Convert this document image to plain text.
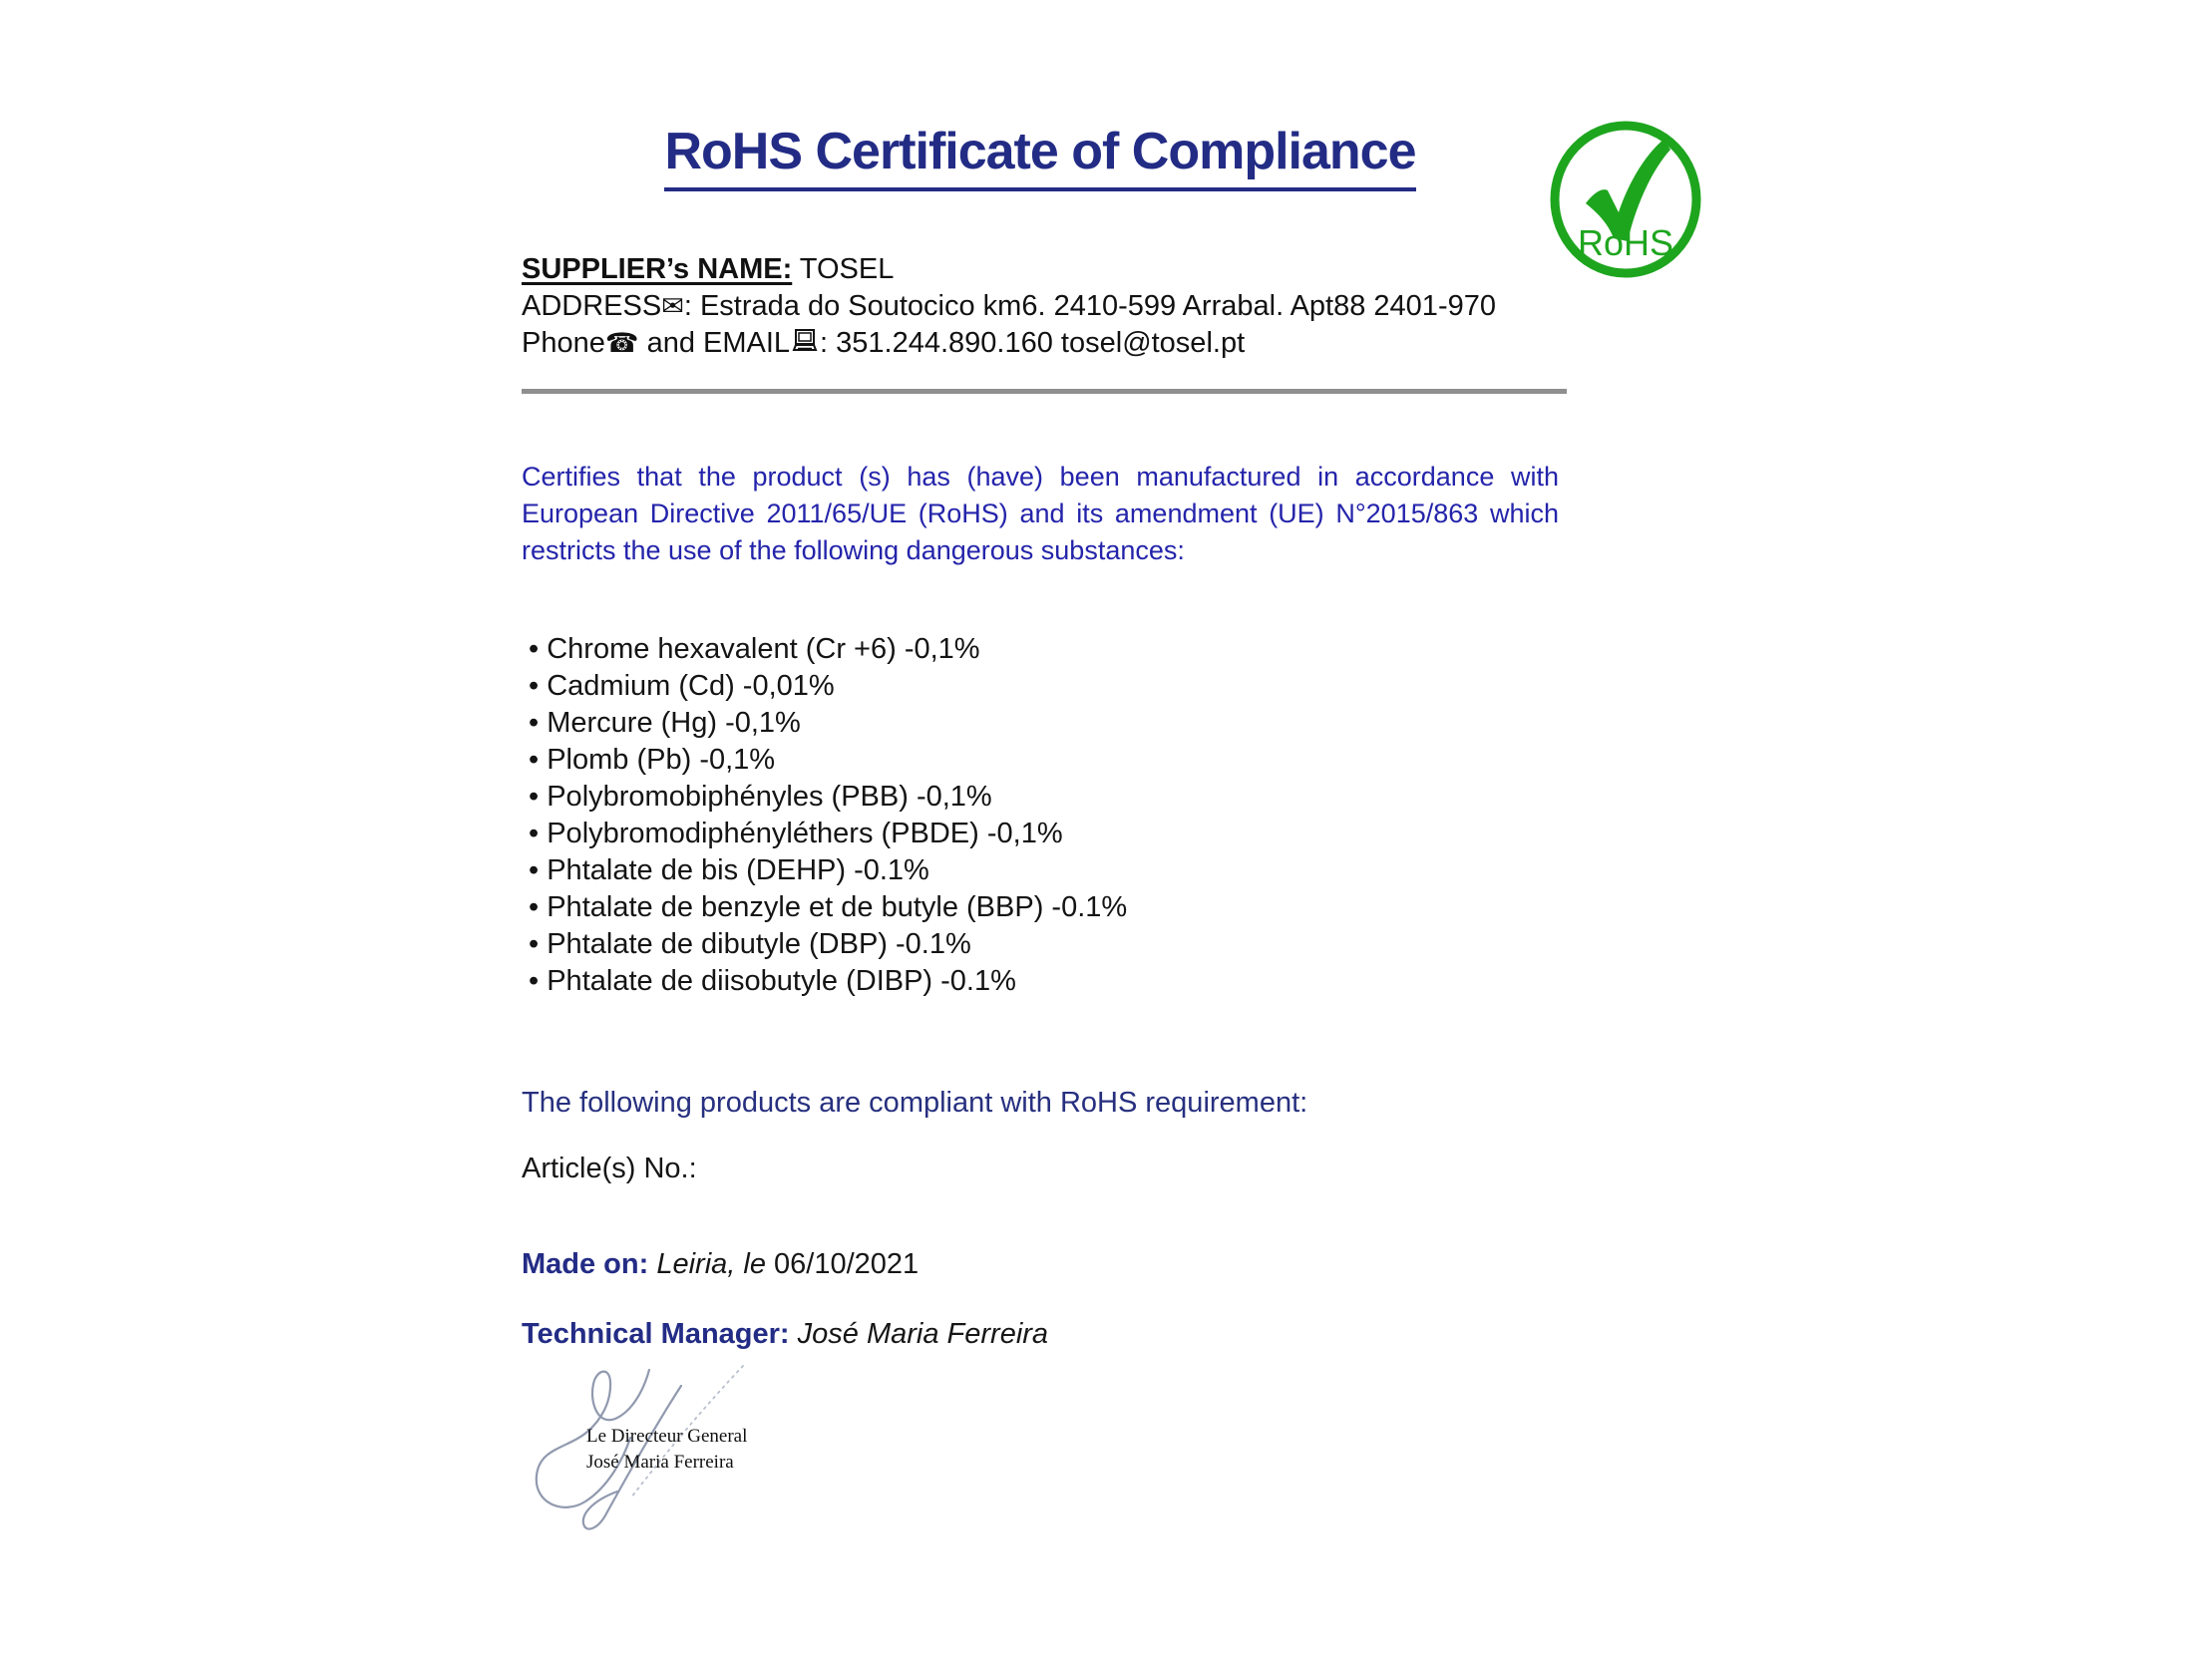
RoHS Certificate of Compliance
RoHS
SUPPLIER’s NAME: TOSEL
ADDRESS✉: Estrada do Soutocico km6. 2410-599 Arrabal. Apt88 2401-970
Phone☎ and EMAIL : 351.244.890.160 tosel@tosel.pt
Certifies that the product (s) has (have) been manufactured in accordance with
European Directive 2011/65/UE (RoHS) and its amendment (UE) N°2015/863 which
restricts the use of the following dangerous substances:
• Chrome hexavalent (Cr +6) -0,1%
• Cadmium (Cd) -0,01%
• Mercure (Hg) -0,1%
• Plomb (Pb) -0,1%
• Polybromobiphényles (PBB) -0,1%
• Polybromodiphényléthers (PBDE) -0,1%
• Phtalate de bis (DEHP) -0.1%
• Phtalate de benzyle et de butyle (BBP) -0.1%
• Phtalate de dibutyle (DBP) -0.1%
• Phtalate de diisobutyle (DIBP) -0.1%
The following products are compliant with RoHS requirement:
Article(s) No.:
Made on: Leiria, le 06/10/2021
Technical Manager: José Maria Ferreira
Le Directeur General
José Maria Ferreira
